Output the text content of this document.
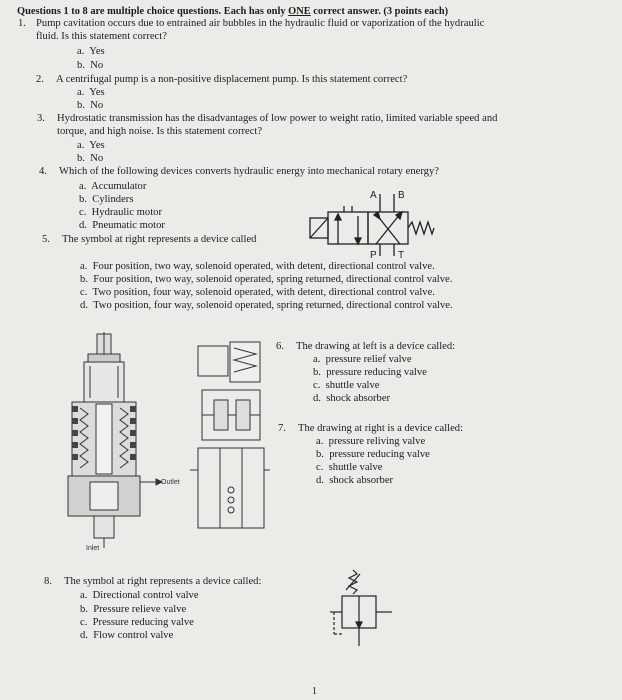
Questions 1 to 8 are multiple choice questions. Each has only ONE correct answer. (3 points each)
1. Pump cavitation occurs due to entrained air bubbles in the hydraulic fluid or vaporization of the hydraulic
fluid. Is this statement correct?
a. Yes
b. No
2. A centrifugal pump is a non-positive displacement pump. Is this statement correct?
a. Yes
b. No
3. Hydrostatic transmission has the disadvantages of low power to weight ratio, limited variable speed and
torque, and high noise. Is this statement correct?
a. Yes
b. No
4. Which of the following devices converts hydraulic energy into mechanical rotary energy?
a. Accumulator
b. Cylinders
c. Hydraulic motor
d. Pneumatic motor
5. The symbol at right represents a device called
A B
P T
a. Four position, two way, solenoid operated, with detent, directional control valve.
b. Four position, two way, solenoid operated, spring returned, directional control valve.
c. Two position, four way, solenoid operated, with detent, directional control valve.
d. Two position, four way, solenoid operated, spring returned, directional control valve.
Outlet
Inlet
6. The drawing at left is a device called:
a. pressure relief valve
b. pressure reducing valve
c. shuttle valve
d. shock absorber
7. The drawing at right is a device called:
a. pressure reliving valve
b. pressure reducing valve
c. shuttle valve
d. shock absorber
8. The symbol at right represents a device called:
a. Directional control valve
b. Pressure relieve valve
c. Pressure reducing valve
d. Flow control valve
1
